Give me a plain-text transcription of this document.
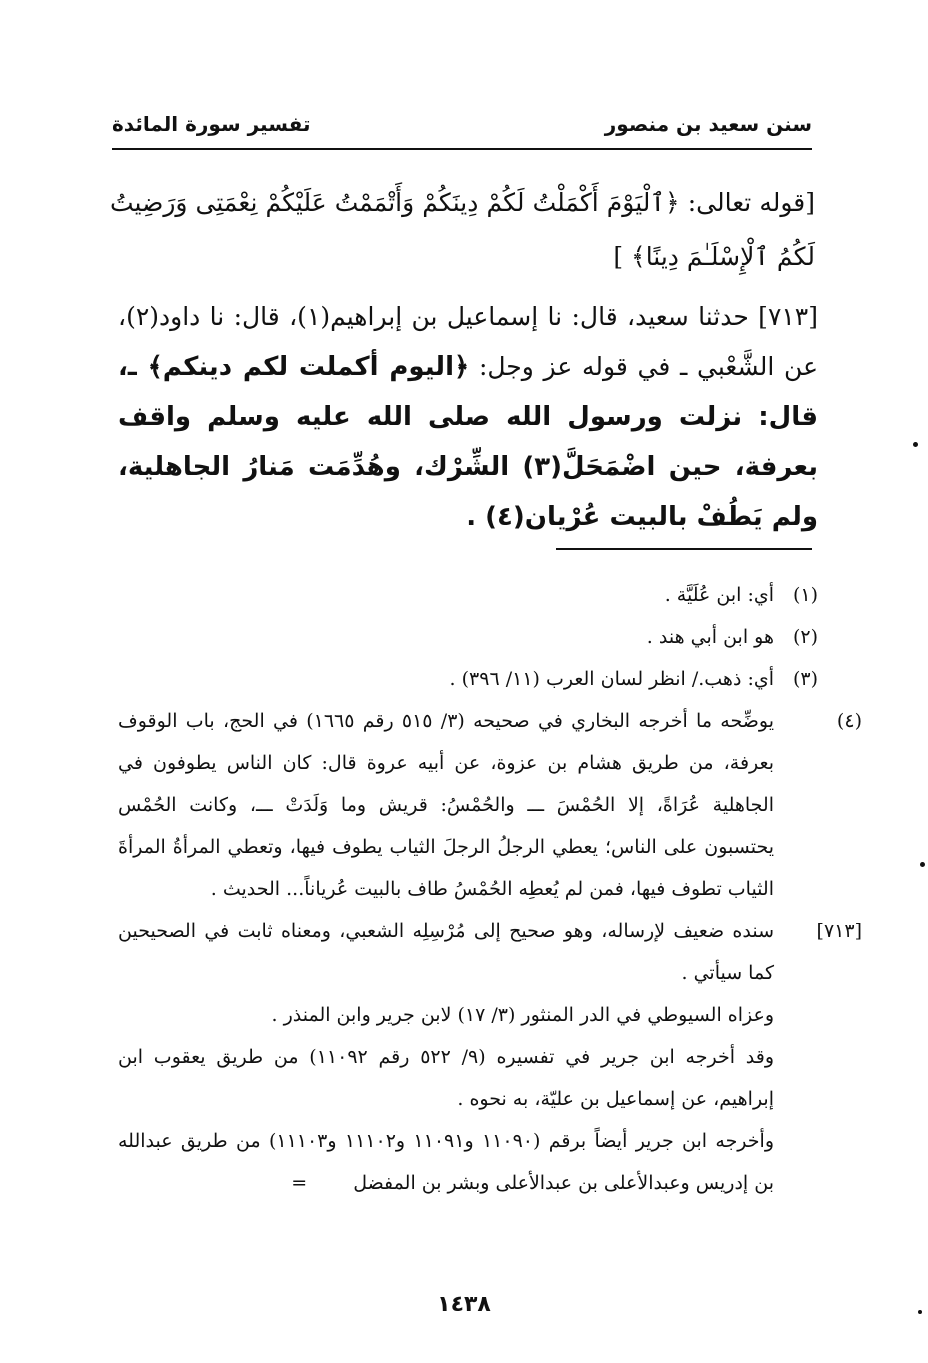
سنن سعيد بن منصور
تفسير سورة المائدة
[قوله تعالى: ﴿ٱلْيَوْمَ أَكْمَلْتُ لَكُمْ دِينَكُمْ وَأَتْمَمْتُ عَلَيْكُمْ نِعْمَتِى وَرَضِيتُ لَكُمُ ٱلْإِسْلَـٰمَ دِينًا﴾ ]
[٧١٣] حدثنا سعيد، قال: نا إسماعيل بن إبراهيم(١)، قال: نا داود(٢)، عن الشَّعْبي ـ في قوله عز وجل: ﴿اليوم أكملت لكم دينكم﴾ ـ، قال: نزلت ورسول الله صلى الله عليه وسلم واقف بعرفة، حين اضْمَحَلَّ(٣) الشِّرْك، وهُدِّمَت مَنارُ الجاهلية، ولم يَطُفْ بالبيت عُرْيان(٤) .
(١)أي: ابن عُلَيَّة .
(٢)هو ابن أبي هند .
(٣)أي: ذهب./ انظر لسان العرب (١١/ ٣٩٦) .
(٤)يوضِّحه ما أخرجه البخاري في صحيحه (٣/ ٥١٥ رقم ١٦٦٥) في الحج، باب الوقوف بعرفة، من طريق هشام بن عزوة، عن أبيه عروة قال: كان الناس يطوفون في الجاهلية عُرَاةً، إلا الحُمْسَ ـــ والحُمْسُ: قريش وما وَلَدَتْ ـــ، وكانت الحُمْس يحتسبون على الناس؛ يعطي الرجلُ الرجلَ الثياب يطوف فيها، وتعطي المرأةُ المرأةَ الثياب تطوف فيها، فمن لم يُعطِه الحُمْسُ طاف بالبيت عُرياناً... الحديث .
[٧١٣]سنده ضعيف لإرساله، وهو صحيح إلى مُرْسِلِه الشعبي، ومعناه ثابت في الصحيحين كما سيأتي .
وعزاه السيوطي في الدر المنثور (٣/ ١٧) لابن جرير وابن المنذر .
وقد أخرجه ابن جرير في تفسيره (٩/ ٥٢٢ رقم ١١٠٩٢) من طريق يعقوب ابن إبراهيم، عن إسماعيل بن عليّة، به نحوه .
وأخرجه ابن جرير أيضاً برقم (١١٠٩٠ و١١٠٩١ و١١١٠٢ و١١١٠٣) من طريق عبدالله بن إدريس وعبدالأعلى بن عبدالأعلى وبشر بن المفضل =
١٤٣٨
